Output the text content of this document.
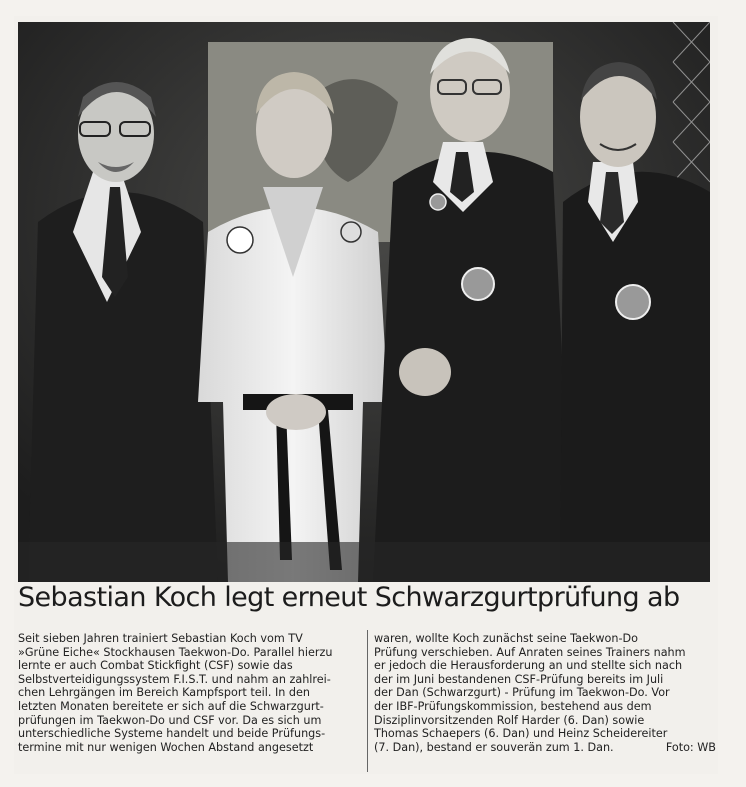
Sebastian Koch legt erneut Schwarzgurtprüfung ab
Seit sieben Jahren trainiert Sebastian Koch vom TV
»Grüne Eiche« Stockhausen Taekwon-Do. Parallel hierzu
lernte er auch Combat Stickfight (CSF) sowie das
Selbstverteidigungssystem F.I.S.T. und nahm an zahlrei-
chen Lehrgängen im Bereich Kampfsport teil. In den
letzten Monaten bereitete er sich auf die Schwarzgurt-
prüfungen im Taekwon-Do und CSF vor. Da es sich um
unterschiedliche Systeme handelt und beide Prüfungs-
termine mit nur wenigen Wochen Abstand angesetzt
waren, wollte Koch zunächst seine Taekwon-Do
Prüfung verschieben. Auf Anraten seines Trainers nahm
er jedoch die Herausforderung an und stellte sich nach
der im Juni bestandenen CSF-Prüfung bereits im Juli
der Dan (Schwarzgurt) - Prüfung im Taekwon-Do. Vor
der IBF-Prüfungskommission, bestehend aus dem
Disziplinvorsitzenden Rolf Harder (6. Dan) sowie
Thomas Schaepers (6. Dan) und Heinz Scheidereiter
(7. Dan), bestand er souverän zum 1. Dan.	Foto: WB
